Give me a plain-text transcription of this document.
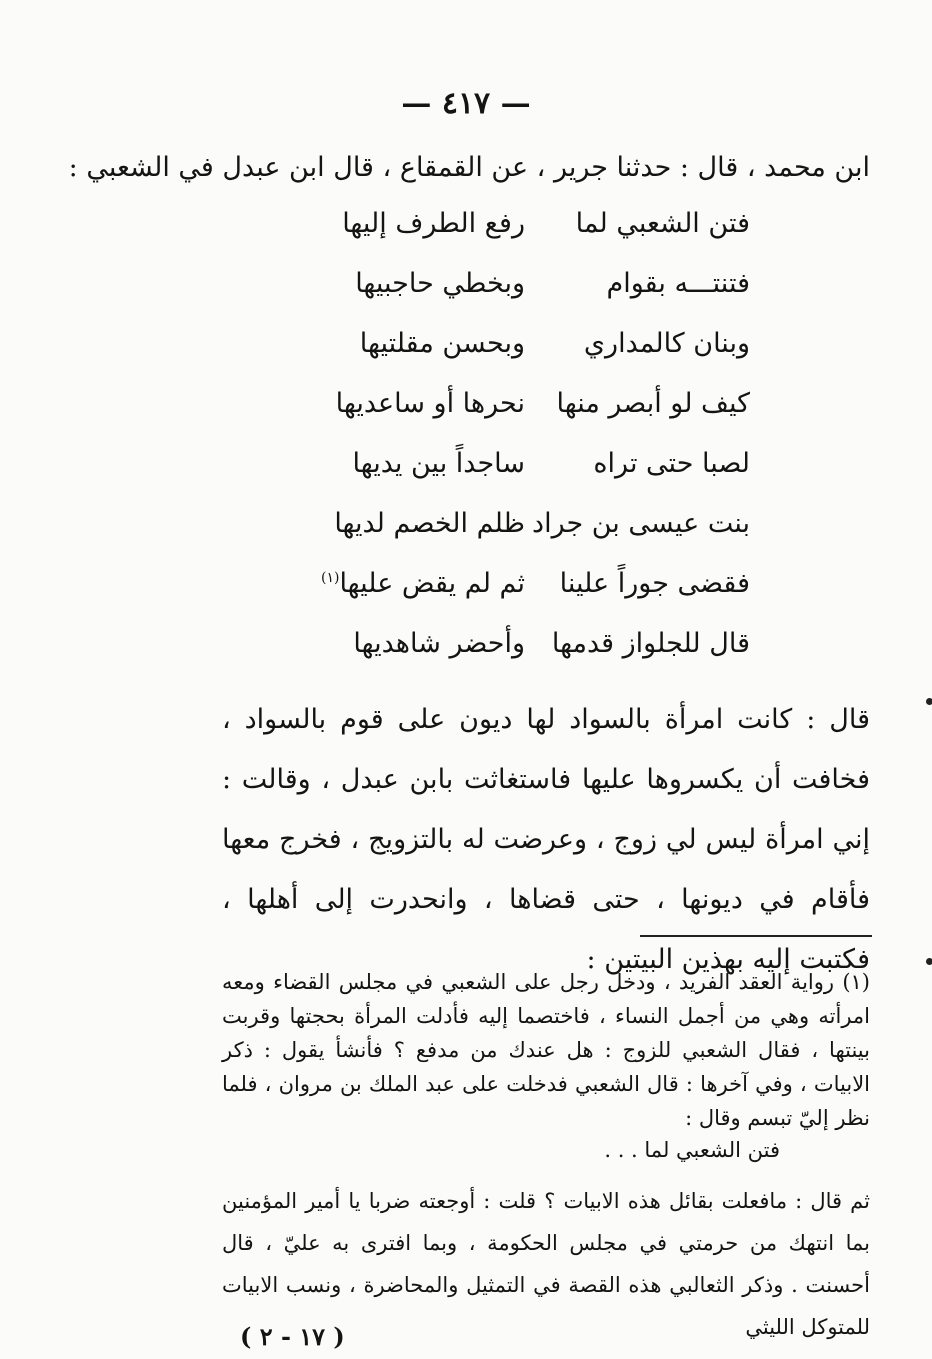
— ٤١٧ —
ابن محمد ، قال : حدثنا جرير ، عن القمقاع ، قال ابن عبدل في الشعبي :
فتن الشعبي لما
رفع الطرف إليها
فتنتـــه بقوام
وبخطي حاجبيها
وبنان كالمداري
وبحسن مقلتيها
كيف لو أبصر منها
نحرها أو ساعديها
لصبا حتى تراه
ساجداً بين يديها
بنت عيسى بن جراد
ظلم الخصم لديها
فقضى جوراً علينا
ثم لم يقض عليها$^{(١)}$
قال للجلواز قدمها
وأحضر شاهديها
قال : كانت امرأة بالسواد لها ديون على قوم بالسواد ، فخافت أن يكسروها عليها فاستغاثت بابن عبدل ، وقالت : إني امرأة ليس لي زوج ، وعرضت له بالتزويج ، فخرج معها فأقام في ديونها ، حتى قضاها ، وانحدرت إلى أهلها ، فكتبت إليه بهذين البيتين :
(١) رواية العقد الفريد ، ودخل رجل على الشعبي في مجلس القضاء ومعه امرأته وهي من أجمل النساء ، فاختصما إليه فأدلت المرأة بحجتها وقربت بينتها ، فقال الشعبي للزوج : هل عندك من مدفع ؟ فأنشأ يقول : ذكر الابيات ، وفي آخرها : قال الشعبي فدخلت على عبد الملك بن مروان ، فلما نظر إليّ تبسم وقال :
فتن الشعبي لما . . .
ثم قال : مافعلت بقائل هذه الابيات ؟ قلت : أوجعته ضربا يا أمير المؤمنين بما انتهك من حرمتي في مجلس الحكومة ، وبما افترى به عليّ ، قال أحسنت . وذكر الثعالبي هذه القصة في التمثيل والمحاضرة ، ونسب الابيات للمتوكل الليثي
( ١٧ - ٢ )
